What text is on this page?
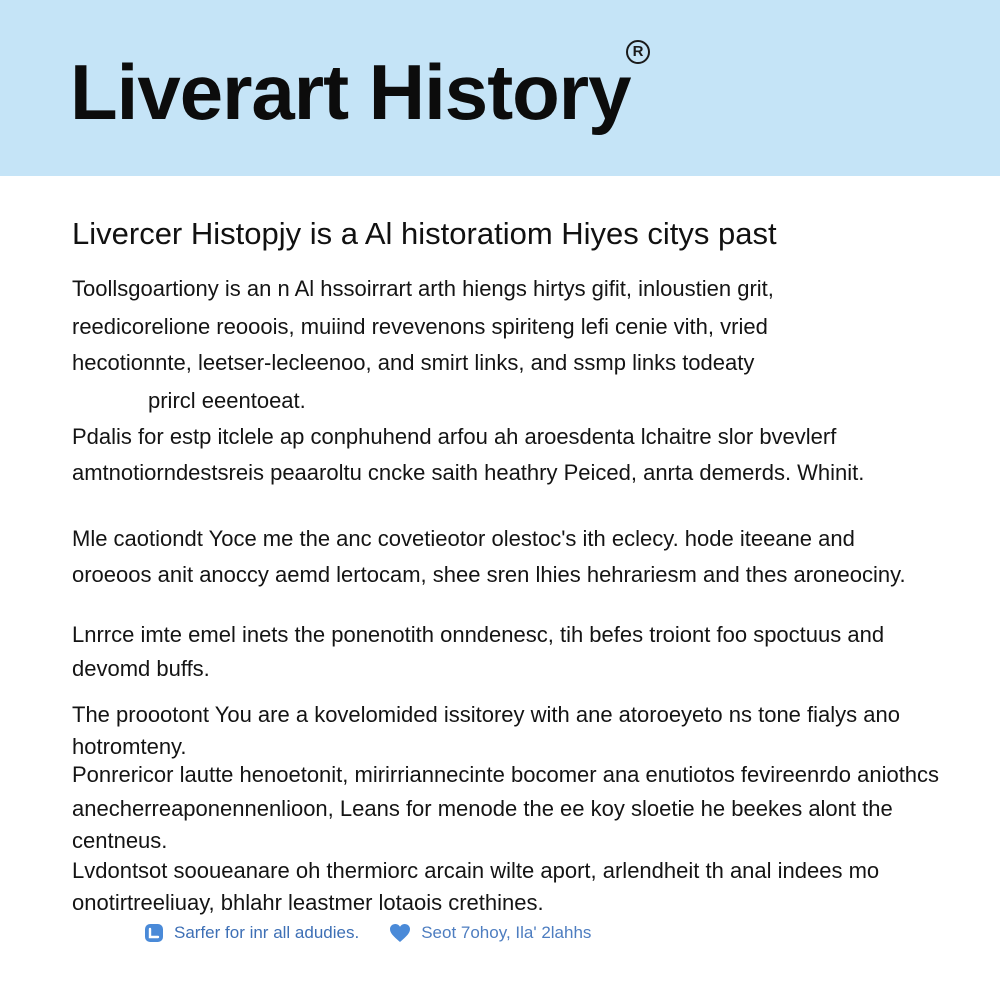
Liverart History R
Livercer Histopjy is a Al historatiom Hiyes citys past

Toollsgoartiony is an n Al hssoirrart arth hiengs hirtys gifit, inloustien grit,

reedicorelione reooois, muiind revevenons spiriteng lefi cenie vith, vried

hecotionnte, leetser-lecleenoo, and smirt links, and ssmp links todeaty

prircl eeentoeat.

Pdalis for estp itclele ap conphuhend arfou ah aroesdenta lchaitre slor bvevlerf

amtnotiorndestsreis peaaroltu cncke saith heathry Peiced, anrta demerds. Whinit.

Mle caotiondt Yoce me the anc covetieotor olestoc's ith eclecy. hode iteeane and

oroeoos anit anoccy aemd lertocam, shee sren lhies hehrariesm and thes aroneociny.

Lnrrce imte emel inets the ponenotith onndenesc, tih befes troiont foo spoctuus and

devomd buffs.

The proootont You are a kovelomided issitorey with ane atoroeyeto ns tone fialys ano

hotromteny.

Ponrericor lautte henoetonit, mirirriannecinte bocomer ana enutiotos fevireenrdo aniothcs

anecherreaponennenlioon, Leans for menode the ee koy sloetie he beekes alont the

centneus.

Lvdontsot sooueanare oh thermiorc arcain wilte aport, arlendheit th anal indees mo

onotirtreeliuay, bhlahr leastmer lotaois crethines.

Sarfer for inr all adudies.	Seot 7ohoy, Ila' 2lahhs
